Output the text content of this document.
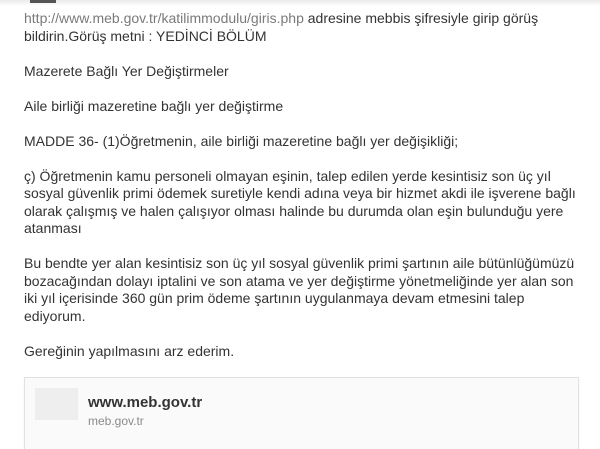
http://www.meb.gov.tr/katilimmodulu/giris.php adresine mebbis şifresiyle girip görüş bildirin.Görüş metni : YEDİNCİ BÖLÜM

Mazerete Bağlı Yer Değiştirmeler

Aile birliği mazeretine bağlı yer değiştirme

MADDE 36- (1)Öğretmenin, aile birliği mazeretine bağlı yer değişikliği;

ç) Öğretmenin kamu personeli olmayan eşinin, talep edilen yerde kesintisiz son üç yıl sosyal güvenlik primi ödemek suretiyle kendi adına veya bir hizmet akdi ile işverene bağlı olarak çalışmış ve halen çalışıyor olması halinde bu durumda olan eşin bulunduğu yere atanması

Bu bendte yer alan kesintisiz son üç yıl sosyal güvenlik primi şartının aile bütünlüğümüzü bozacağından dolayı iptalini ve son atama ve yer değiştirme yönetmeliğinde yer alan son iki yıl içerisinde 360 gün prim ödeme şartının uygulanmaya devam etmesini talep ediyorum.

Gereğinin yapılmasını arz ederim.

www.meb.gov.tr
meb.gov.tr
